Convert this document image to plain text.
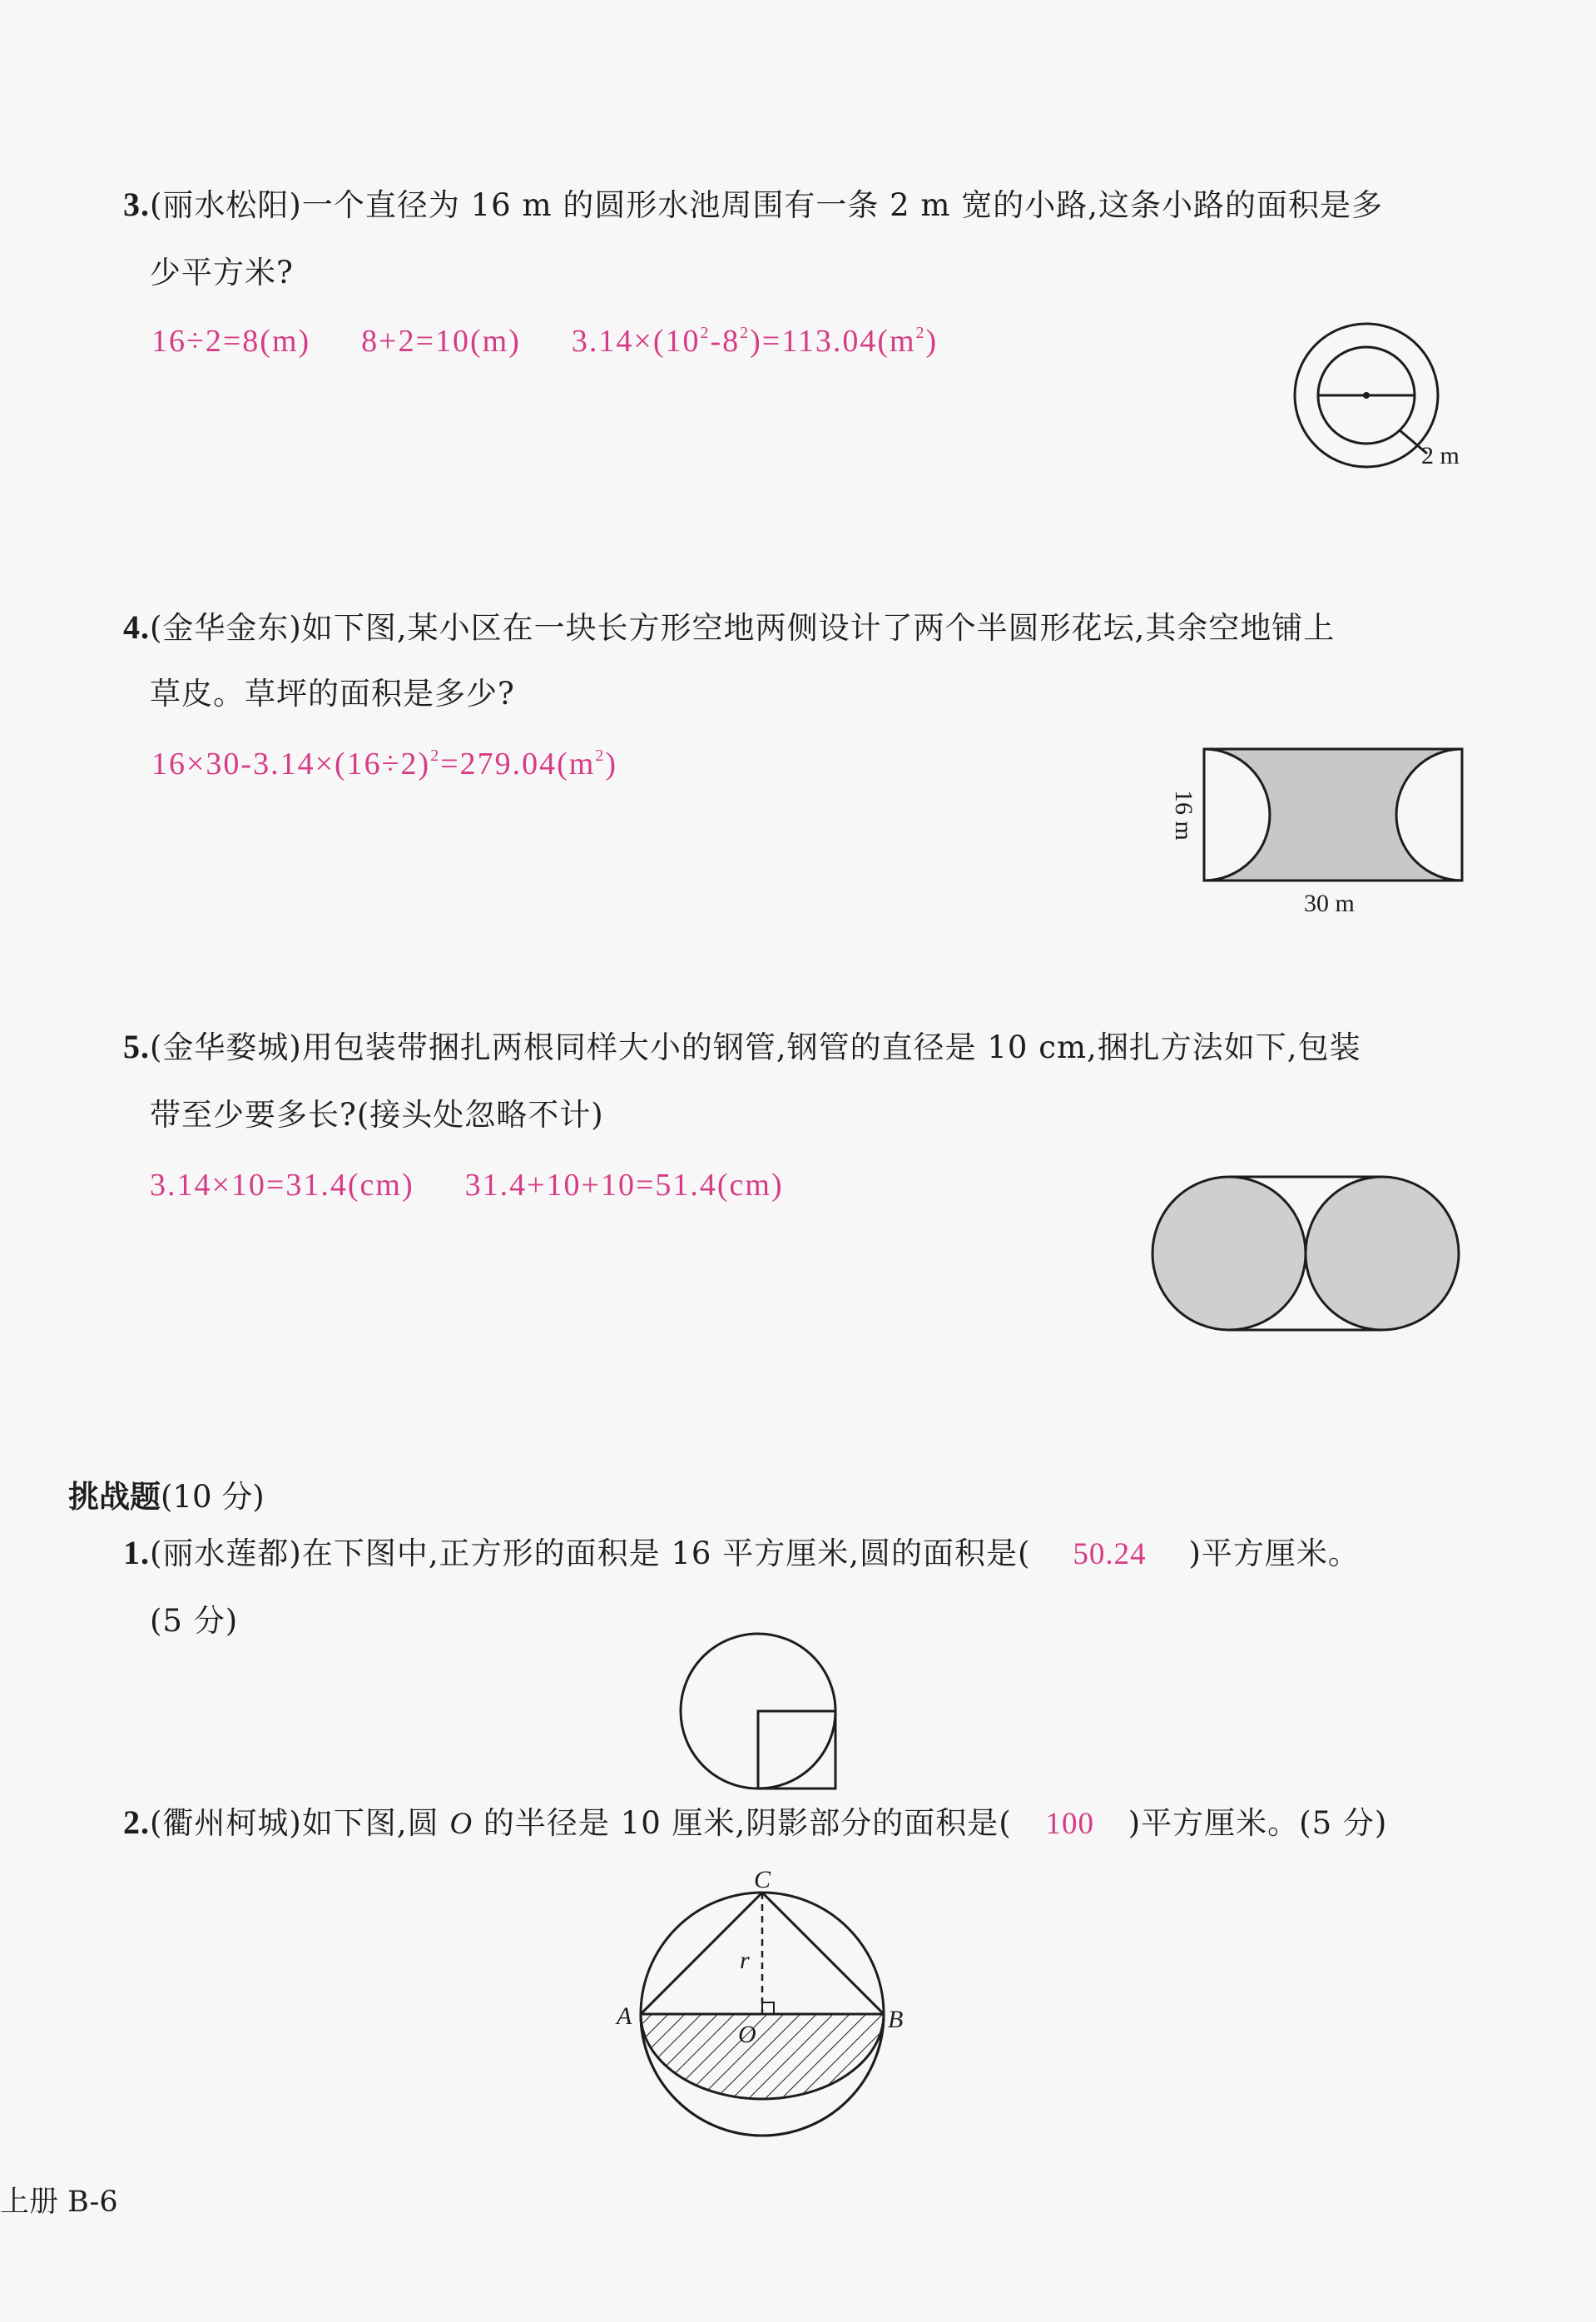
3.(丽水松阳)一个直径为 16 m 的圆形水池周围有一条 2 m 宽的小路,这条小路的面积是多
少平方米?
16÷2=8(m) 8+2=10(m) $3.14\times(10^2-8^2)=113.04(m^2)$
2 m
4.(金华金东)如下图,某小区在一块长方形空地两侧设计了两个半圆形花坛,其余空地铺上
草皮。草坪的面积是多少?
$16\times 30-3.14\times(16\div 2)^2=279.04(m^2)$
16 m
30 m
5.(金华婺城)用包装带捆扎两根同样大小的钢管,钢管的直径是 10 cm,捆扎方法如下,包装
带至少要多长?(接头处忽略不计)
3.14×10=31.4(cm) 31.4+10+10=51.4(cm)
挑战题(10 分)
1.(丽水莲都)在下图中,正方形的面积是 16 平方厘米,圆的面积是( 50.24 )平方厘米。
(5 分)
2.(衢州柯城)如下图,圆 O 的半径是 10 厘米,阴影部分的面积是( 100 )平方厘米。(5 分)
C
A	B
O
r
上册 B-6
